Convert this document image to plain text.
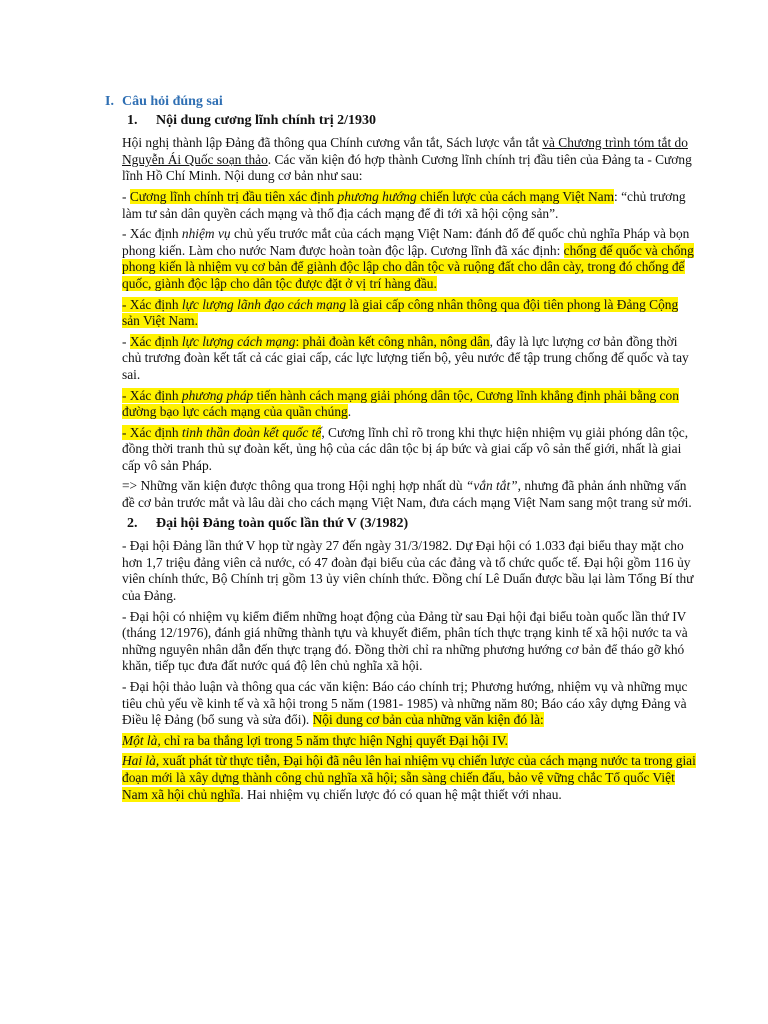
I. Câu hỏi đúng sai
1. Nội dung cương lĩnh chính trị 2/1930

Hội nghị thành lập Đảng đã thông qua Chính cương vắn tắt, Sách lược vắn tắt và Chương trình tóm tắt do Nguyễn Ái Quốc soạn thảo. Các văn kiện đó hợp thành Cương lĩnh chính trị đầu tiên của Đảng ta - Cương lĩnh Hồ Chí Minh. Nội dung cơ bản như sau:

- Cương lĩnh chính trị đầu tiên xác định phương hướng chiến lược của cách mạng Việt Nam: “chủ trương làm tư sản dân quyền cách mạng và thổ địa cách mạng để đi tới xã hội cộng sản”.

- Xác định nhiệm vụ chủ yếu trước mắt của cách mạng Việt Nam: đánh đổ đế quốc chủ nghĩa Pháp và bọn phong kiến. Làm cho nước Nam được hoàn toàn độc lập. Cương lĩnh đã xác định: chống đế quốc và chống phong kiến là nhiệm vụ cơ bản để giành độc lập cho dân tộc và ruộng đất cho dân cày, trong đó chống đế quốc, giành độc lập cho dân tộc được đặt ở vị trí hàng đầu.

- Xác định lực lượng lãnh đạo cách mạng là giai cấp công nhân thông qua đội tiên phong là Đảng Cộng sản Việt Nam.

- Xác định lực lượng cách mạng: phải đoàn kết công nhân, nông dân, đây là lực lượng cơ bản đồng thời chủ trương đoàn kết tất cả các giai cấp, các lực lượng tiến bộ, yêu nước để tập trung chống đế quốc và tay sai.

- Xác định phương pháp tiến hành cách mạng giải phóng dân tộc, Cương lĩnh khẳng định phải bằng con đường bạo lực cách mạng của quần chúng.

- Xác định tinh thần đoàn kết quốc tế, Cương lĩnh chỉ rõ trong khi thực hiện nhiệm vụ giải phóng dân tộc, đồng thời tranh thủ sự đoàn kết, ủng hộ của các dân tộc bị áp bức và giai cấp vô sản thế giới, nhất là giai cấp vô sản Pháp.

=> Những văn kiện được thông qua trong Hội nghị hợp nhất dù “vắn tắt”, nhưng đã phản ánh những vấn đề cơ bản trước mắt và lâu dài cho cách mạng Việt Nam, đưa cách mạng Việt Nam sang một trang sử mới.

2. Đại hội Đảng toàn quốc lần thứ V (3/1982)

- Đại hội Đảng lần thứ V họp từ ngày 27 đến ngày 31/3/1982. Dự Đại hội có 1.033 đại biểu thay mặt cho hơn 1,7 triệu đảng viên cả nước, có 47 đoàn đại biểu của các đảng và tổ chức quốc tế. Đại hội gồm 116 ủy viên chính thức, Bộ Chính trị gồm 13 ủy viên chính thức. Đồng chí Lê Duẩn được bầu lại làm Tổng Bí thư của Đảng.

- Đại hội có nhiệm vụ kiểm điểm những hoạt động của Đảng từ sau Đại hội đại biểu toàn quốc lần thứ IV (tháng 12/1976), đánh giá những thành tựu và khuyết điểm, phân tích thực trạng kinh tế xã hội nước ta và những nguyên nhân dẫn đến thực trạng đó. Đồng thời chỉ ra những phương hướng cơ bản để tháo gỡ khó khăn, tiếp tục đưa đất nước quá độ lên chủ nghĩa xã hội.

- Đại hội thảo luận và thông qua các văn kiện: Báo cáo chính trị; Phương hướng, nhiệm vụ và những mục tiêu chủ yếu về kinh tế và xã hội trong 5 năm (1981- 1985) và những năm 80; Báo cáo xây dựng Đảng và Điều lệ Đảng (bổ sung và sửa đổi). Nội dung cơ bản của những văn kiện đó là:

Một là, chỉ ra ba thắng lợi trong 5 năm thực hiện Nghị quyết Đại hội IV.

Hai là, xuất phát từ thực tiễn, Đại hội đã nêu lên hai nhiệm vụ chiến lược của cách mạng nước ta trong giai đoạn mới là xây dựng thành công chủ nghĩa xã hội; sẵn sàng chiến đấu, bảo vệ vững chắc Tổ quốc Việt Nam xã hội chủ nghĩa. Hai nhiệm vụ chiến lược đó có quan hệ mật thiết với nhau.
